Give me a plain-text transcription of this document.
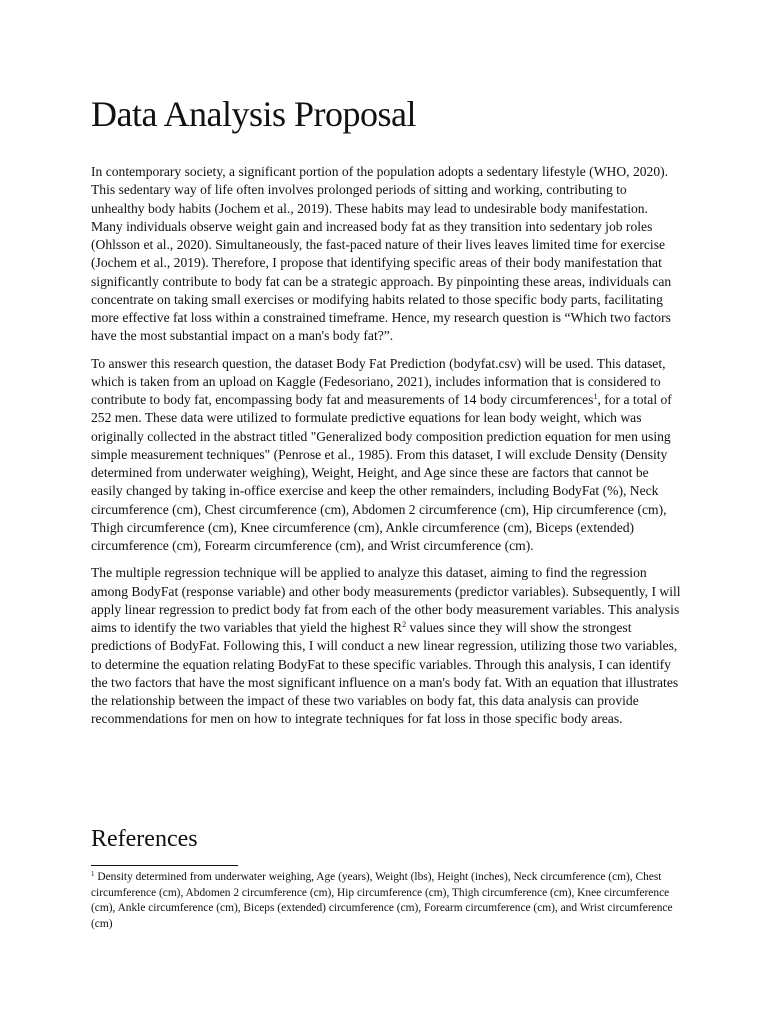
Data Analysis Proposal

In contemporary society, a significant portion of the population adopts a sedentary lifestyle (WHO, 2020). This sedentary way of life often involves prolonged periods of sitting and working, contributing to unhealthy body habits (Jochem et al., 2019). These habits may lead to undesirable body manifestation. Many individuals observe weight gain and increased body fat as they transition into sedentary job roles (Ohlsson et al., 2020). Simultaneously, the fast-paced nature of their lives leaves limited time for exercise (Jochem et al., 2019). Therefore, I propose that identifying specific areas of their body manifestation that significantly contribute to body fat can be a strategic approach. By pinpointing these areas, individuals can concentrate on taking small exercises or modifying habits related to those specific body parts, facilitating more effective fat loss within a constrained timeframe. Hence, my research question is “Which two factors have the most substantial impact on a man's body fat?”.

To answer this research question, the dataset Body Fat Prediction (bodyfat.csv) will be used. This dataset, which is taken from an upload on Kaggle (Fedesoriano, 2021), includes information that is considered to contribute to body fat, encompassing body fat and measurements of 14 body circumferences$^1$, for a total of 252 men. These data were utilized to formulate predictive equations for lean body weight, which was originally collected in the abstract titled "Generalized body composition prediction equation for men using simple measurement techniques" (Penrose et al., 1985). From this dataset, I will exclude Density (Density determined from underwater weighing), Weight, Height, and Age since these are factors that cannot be easily changed by taking in-office exercise and keep the other remainders, including BodyFat (%), Neck circumference (cm), Chest circumference (cm), Abdomen 2 circumference (cm), Hip circumference (cm), Thigh circumference (cm), Knee circumference (cm), Ankle circumference (cm), Biceps (extended) circumference (cm), Forearm circumference (cm), and Wrist circumference (cm).

The multiple regression technique will be applied to analyze this dataset, aiming to find the regression among BodyFat (response variable) and other body measurements (predictor variables). Subsequently, I will apply linear regression to predict body fat from each of the other body measurement variables. This analysis aims to identify the two variables that yield the highest $R^2$ values since they will show the strongest predictions of BodyFat. Following this, I will conduct a new linear regression, utilizing those two variables, to determine the equation relating BodyFat to these specific variables. Through this analysis, I can identify the two factors that have the most significant influence on a man's body fat. With an equation that illustrates the relationship between the impact of these two variables on body fat, this data analysis can provide recommendations for men on how to integrate techniques for fat loss in those specific body areas.

References

$^1$ Density determined from underwater weighing, Age (years), Weight (lbs), Height (inches), Neck circumference (cm), Chest circumference (cm), Abdomen 2 circumference (cm), Hip circumference (cm), Thigh circumference (cm), Knee circumference (cm), Ankle circumference (cm), Biceps (extended) circumference (cm), Forearm circumference (cm), and Wrist circumference (cm)
